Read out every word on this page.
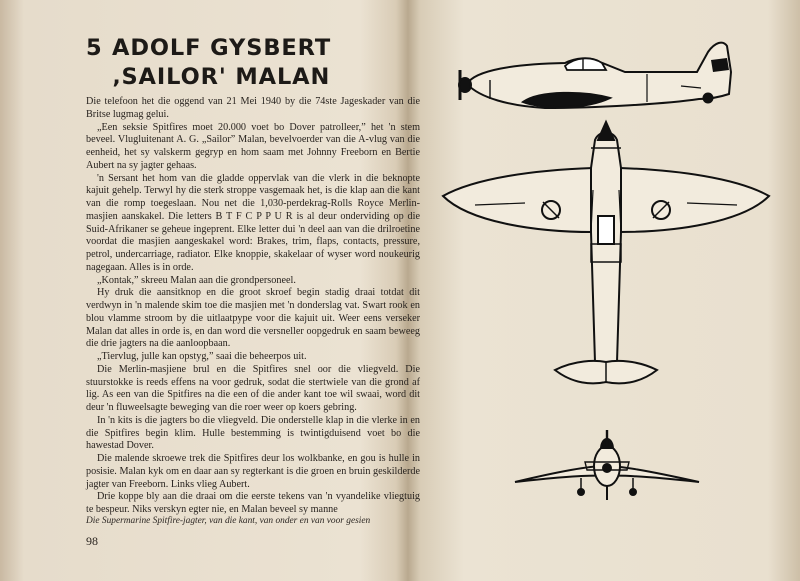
5 ADOLF GYSBERT
‚SAILOR' MALAN

Die telefoon het die oggend van 21 Mei 1940 by die 74ste Jageskader van die Britse lugmag gelui.

„Een seksie Spitfires moet 20.000 voet bo Dover patrolleer,” het 'n stem beveel. Vlugluitenant A. G. „Sailor” Malan, bevelvoerder van die A-vlug van die eenheid, het sy valskerm gegryp en hom saam met Johnny Freeborn en Bertie Aubert na sy jagter gehaas.

'n Sersant het hom van die gladde oppervlak van die vlerk in die beknopte kajuit gehelp. Terwyl hy die sterk stroppe vasgemaak het, is die klap aan die kant van die romp toegeslaan. Nou net die 1,030-perdekrag-Rolls Royce Merlin-masjien aanskakel. Die letters B T F C P P U R is al deur onderviding op die Suid-Afrikaner se geheue ingeprent. Elke letter dui 'n deel aan van die drilroetine voordat die masjien aangeskakel word: Brakes, trim, flaps, contacts, pressure, petrol, undercarriage, radiator. Elke knoppie, skakelaar of wyser word noukeurig nagegaan. Alles is in orde.

„Kontak,” skreeu Malan aan die grondpersoneel.

Hy druk die aansitknop en die groot skroef begin stadig draai totdat dit verdwyn in 'n malende skim toe die masjien met 'n donderslag vat. Swart rook en blou vlamme stroom by die uitlaatpype voor die kajuit uit. Weer eens verseker Malan dat alles in orde is, en dan word die versneller oopgedruk en saam beweeg die drie jagters na die aanloopbaan.

„Tiervlug, julle kan opstyg,” saai die beheerpos uit.

Die Merlin-masjiene brul en die Spitfires snel oor die vliegveld. Die stuurstokke is reeds effens na voor gedruk, sodat die stertwiele van die grond af lig. As een van die Spitfires na die een of die ander kant toe wil swaai, word dit deur 'n fluweelsagte beweging van die roer weer op koers gebring.

In 'n kits is die jagters bo die vliegveld. Die onderstelle klap in die vlerke in en die Spitfires begin klim. Hulle bestemming is twintigduisend voet bo die hawestad Dover.

Die malende skroewe trek die Spitfires deur los wolkbanke, en gou is hulle in posisie. Malan kyk om en daar aan sy regterkant is die groen en bruin geskilderde jagter van Freeborn. Links vlieg Aubert.

Drie koppe bly aan die draai om die eerste tekens van 'n vyandelike vliegtuig te bespeur. Niks verskyn egter nie, en Malan beveel sy manne

Die Supermarine Spitfire-jagter, van die kant, van onder en van voor gesien

98
